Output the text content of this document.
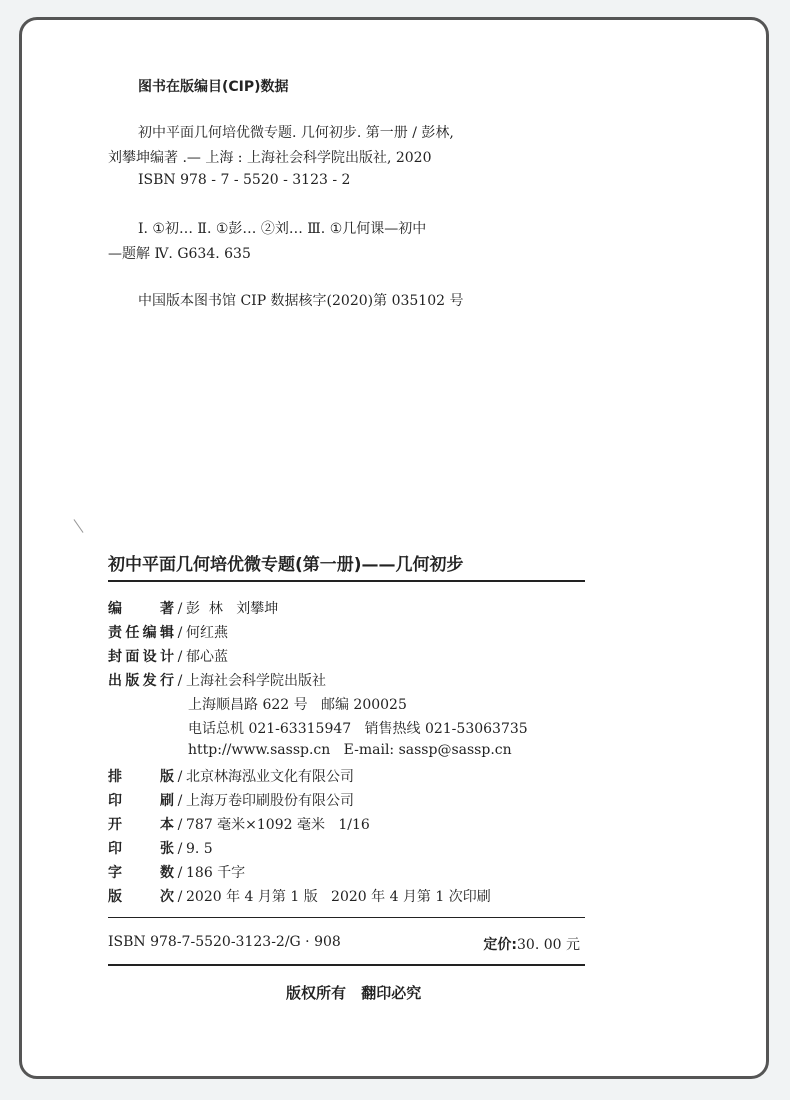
图书在版编目(CIP)数据
初中平面几何培优微专题. 几何初步. 第一册 / 彭林,
刘攀坤编著 .— 上海 : 上海社会科学院出版社, 2020
ISBN 978 - 7 - 5520 - 3123 - 2
Ⅰ. ①初… Ⅱ. ①彭… ②刘… Ⅲ. ①几何课—初中
—题解 Ⅳ. G634. 635
中国版本图书馆 CIP 数据核字(2020)第 035102 号
初中平面几何培优微专题(第一册)——几何初步
编著 / 彭  林   刘攀坤
责任编辑 / 何红燕
封面设计 / 郁心蓝
出版发行 / 上海社会科学院出版社
上海顺昌路 622 号   邮编 200025
电话总机 021-63315947   销售热线 021-53063735
http://www.sassp.cn   E-mail: sassp@sassp.cn
排版 / 北京林海泓业文化有限公司
印刷 / 上海万卷印刷股份有限公司
开本 / 787 毫米×1092 毫米   1/16
印张 / 9. 5
字数 / 186 千字
版次 / 2020 年 4 月第 1 版   2020 年 4 月第 1 次印刷
ISBN 978-7-5520-3123-2/G · 908	定价:30. 00 元
版权所有 翻印必究
